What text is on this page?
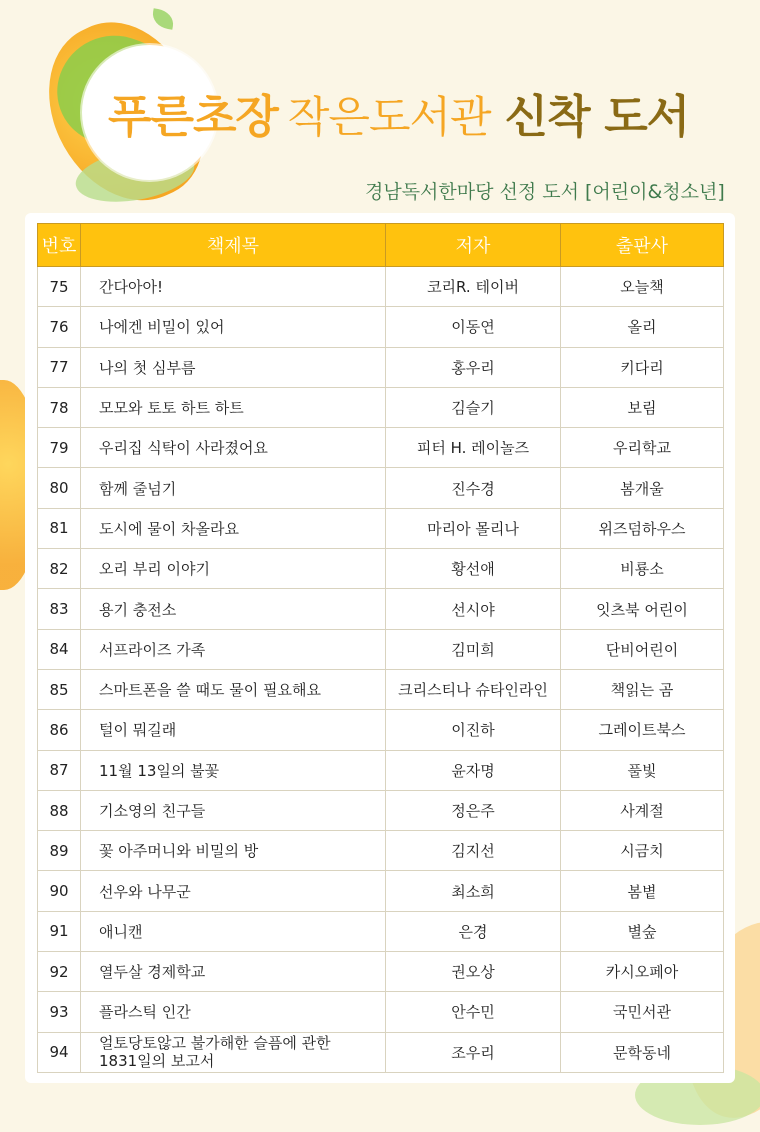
푸른초장 작은도서관 신착 도서
경남독서한마당 선정 도서 [어린이&청소년]
번호	책제목	저자	출판사
75	간다아아!	코리R. 테이버	오늘책
76	나에겐 비밀이 있어	이동연	올리
77	나의 첫 심부름	홍우리	키다리
78	모모와 토토 하트 하트	김슬기	보림
79	우리집 식탁이 사라졌어요	피터 H. 레이놀즈	우리학교
80	함께 줄넘기	진수경	봄개울
81	도시에 물이 차올라요	마리아 몰리나	위즈덤하우스
82	오리 부리 이야기	황선애	비룡소
83	용기 충전소	선시야	잇츠북 어린이
84	서프라이즈 가족	김미희	단비어린이
85	스마트폰을 쓸 때도 물이 필요해요	크리스티나 슈타인라인	책읽는 곰
86	털이 뭐길래	이진하	그레이트북스
87	11월 13일의 불꽃	윤자명	풀빛
88	기소영의 친구들	정은주	사계절
89	꽃 아주머니와 비밀의 방	김지선	시금치
90	선우와 나무군	최소희	봄볕
91	애니캔	은경	별숲
92	열두살 경제학교	권오상	카시오페아
93	플라스틱 인간	안수민	국민서관
94	얼토당토않고 불가해한 슬픔에 관한
1831일의 보고서	조우리	문학동네
